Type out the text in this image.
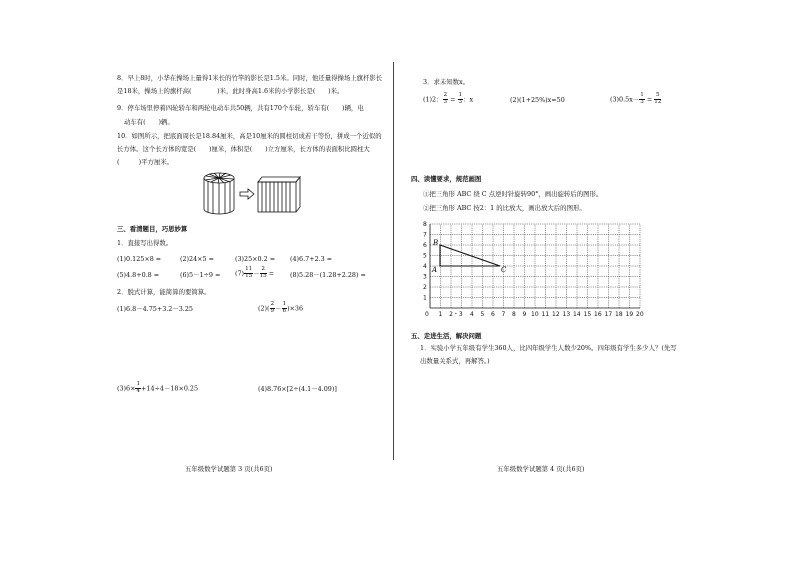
8．早上8时，小华在操场上量得1米长的竹竿的影长是1.5米。同时，他还量得操场上旗杆影长是18米，操场上的旗杆高(　　　　)米，此时身高1.6米的小学影长是(　　)米。
9．停车场里停着四轮轿车和两轮电动车共50辆，共有170个车轮，轿车有(　　)辆，电
动车有(　　)辆。
10．如图所示，把底面周长是18.84厘米，高是10厘米的圆柱切成若干等份，拼成一个近似的长方体。这个长方体的宽是(　　)厘米，体积是(　　)立方厘米，长方体的表面积比圆柱大(　　　)平方厘米。
三、看清题目，巧思妙算
1．直接写出得数。
(1)0.125×8 =	(2)24×5 =	(3)25×0.2 = (4)6.7+2.3 =
(5)4.8+0.8 =	$(6)5-1\div 9 = (7) \frac{11}{15} - \frac{2}{15} = (8)5.28-(1.28+2.28)$ =
2．脱式计算，能简算的要简算。
(1)6.8－4.75+3.2－3.25	$(2)( \frac{2}{9} - \frac{1}{6} )\times 36$
$(3)6\times \frac{1}{4} +14\div 4-18\times 0.25$	(4)8.76×[2÷(4.1－4.09)]
五年级数学试题第 3 页(共6页)
3．求未知数x。
(1)2： $\frac{2}{3} = \frac{1}{3}$ ：x	(2)(1+25%)x=50	$(3)0.5x- \frac{1}{3} = \frac{5}{12}$
四、读懂要求，规范画图
①把三角形 ABC 绕 C 点逆时针旋转90°，画出旋转后的图形。
②把三角形 ABC 按2：1 的比放大，画出放大后的图形。
1
2
3
4
5
6
7
8
0 1 2・3 4 5 6 7 8 9 10 11 12 13 14 15 16 17 18 19 20
B
A	C
五、走进生活，解决问题
1．实验小学五年级有学生360人，比四年级学生人数少20%。四年级有学生多少人？(先写出数量关系式，再解答。)
五年级数学试题第 4 页(共6页)
